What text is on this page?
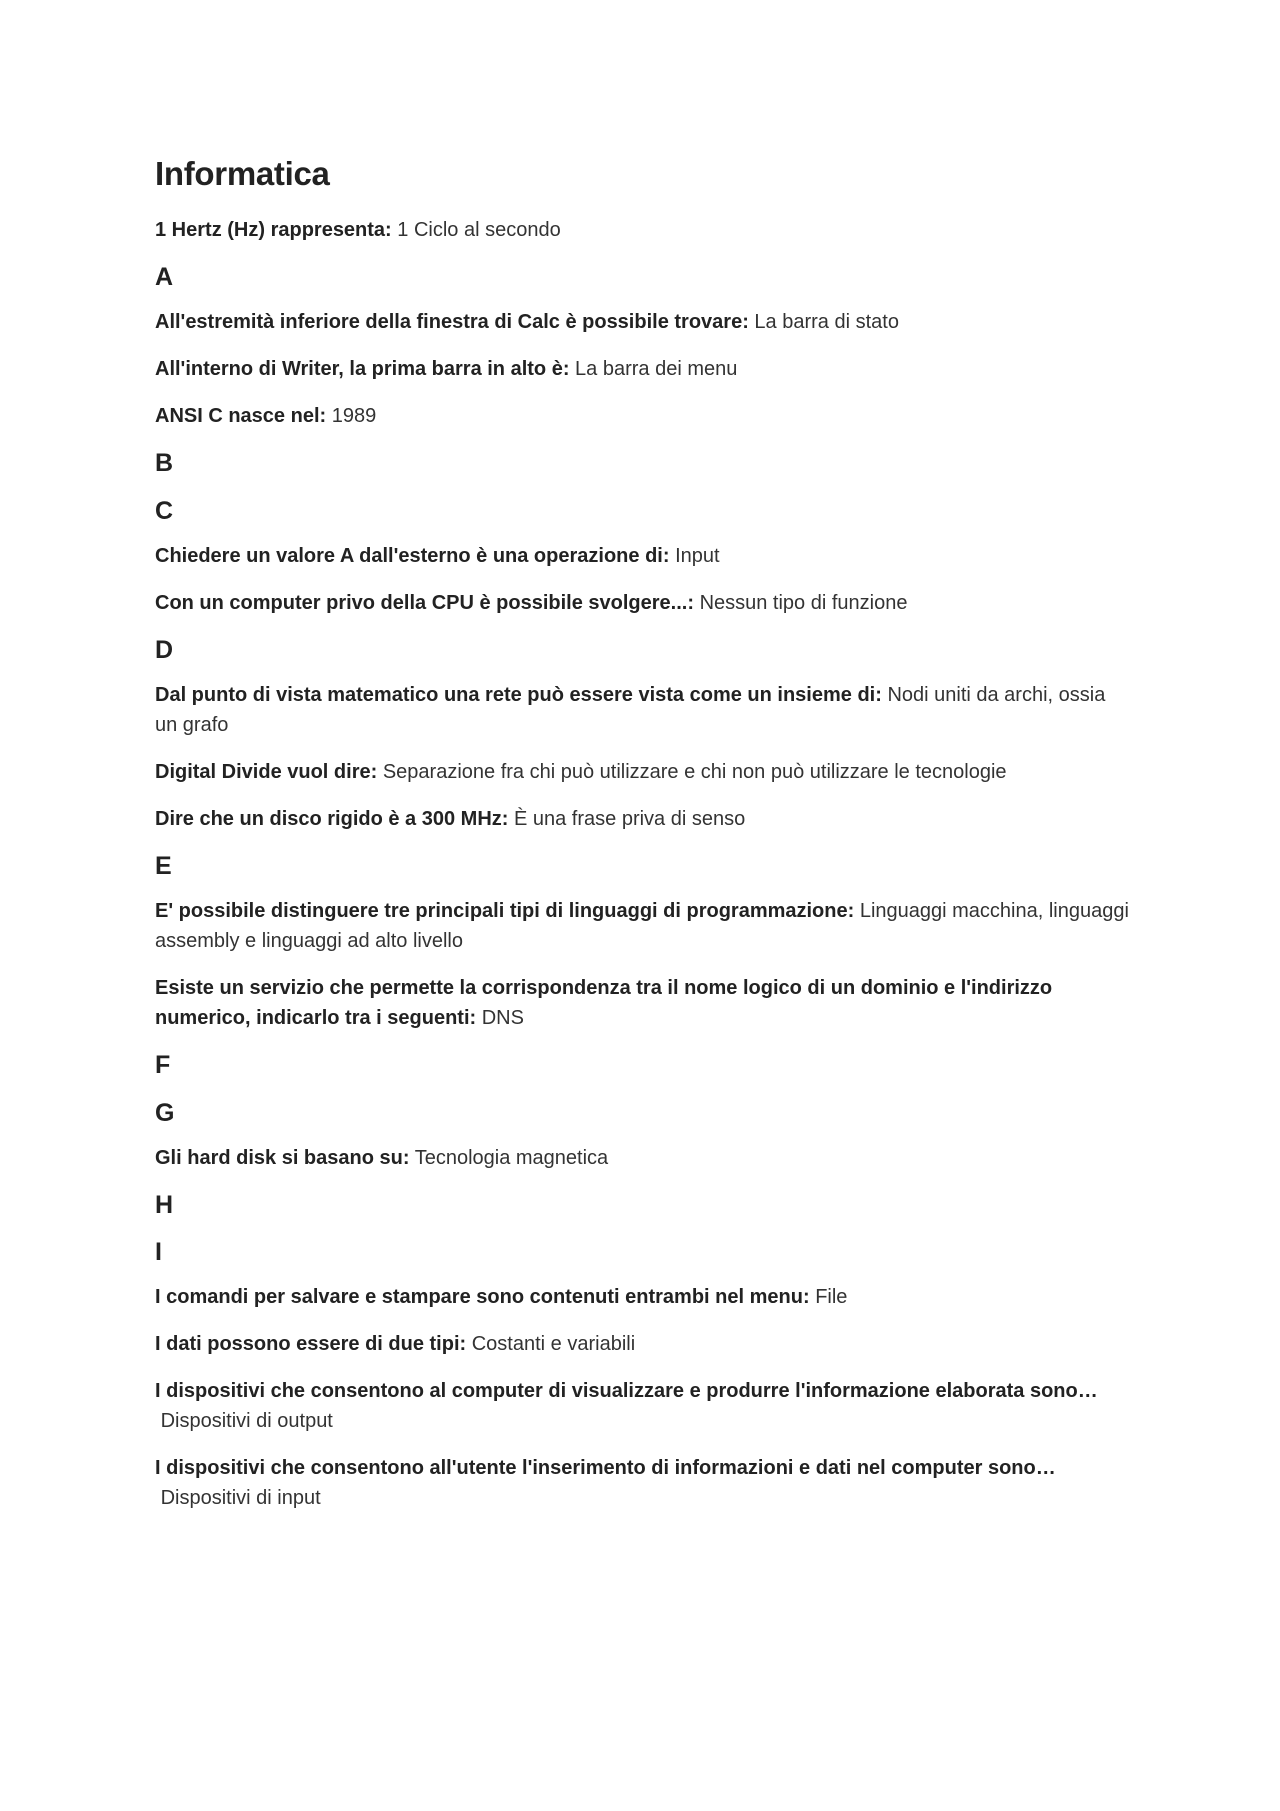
Informatica

1 Hertz (Hz) rappresenta: 1 Ciclo al secondo

A

All'estremità inferiore della finestra di Calc è possibile trovare: La barra di stato

All'interno di Writer, la prima barra in alto è: La barra dei menu

ANSI C nasce nel: 1989

B
C

Chiedere un valore A dall'esterno è una operazione di: Input

Con un computer privo della CPU è possibile svolgere...: Nessun tipo di funzione

D

Dal punto di vista matematico una rete può essere vista come un insieme di: Nodi uniti da archi, ossia un grafo

Digital Divide vuol dire: Separazione fra chi può utilizzare e chi non può utilizzare le tecnologie

Dire che un disco rigido è a 300 MHz: È una frase priva di senso

E

E' possibile distinguere tre principali tipi di linguaggi di programmazione: Linguaggi macchina, linguaggi assembly e linguaggi ad alto livello

Esiste un servizio che permette la corrispondenza tra il nome logico di un dominio e l'indirizzo numerico, indicarlo tra i seguenti: DNS

F
G

Gli hard disk si basano su: Tecnologia magnetica

H
I

I comandi per salvare e stampare sono contenuti entrambi nel menu: File

I dati possono essere di due tipi: Costanti e variabili

I dispositivi che consentono al computer di visualizzare e produrre l'informazione elaborata sono… Dispositivi di output

I dispositivi che consentono all'utente l'inserimento di informazioni e dati nel computer sono… Dispositivi di input
